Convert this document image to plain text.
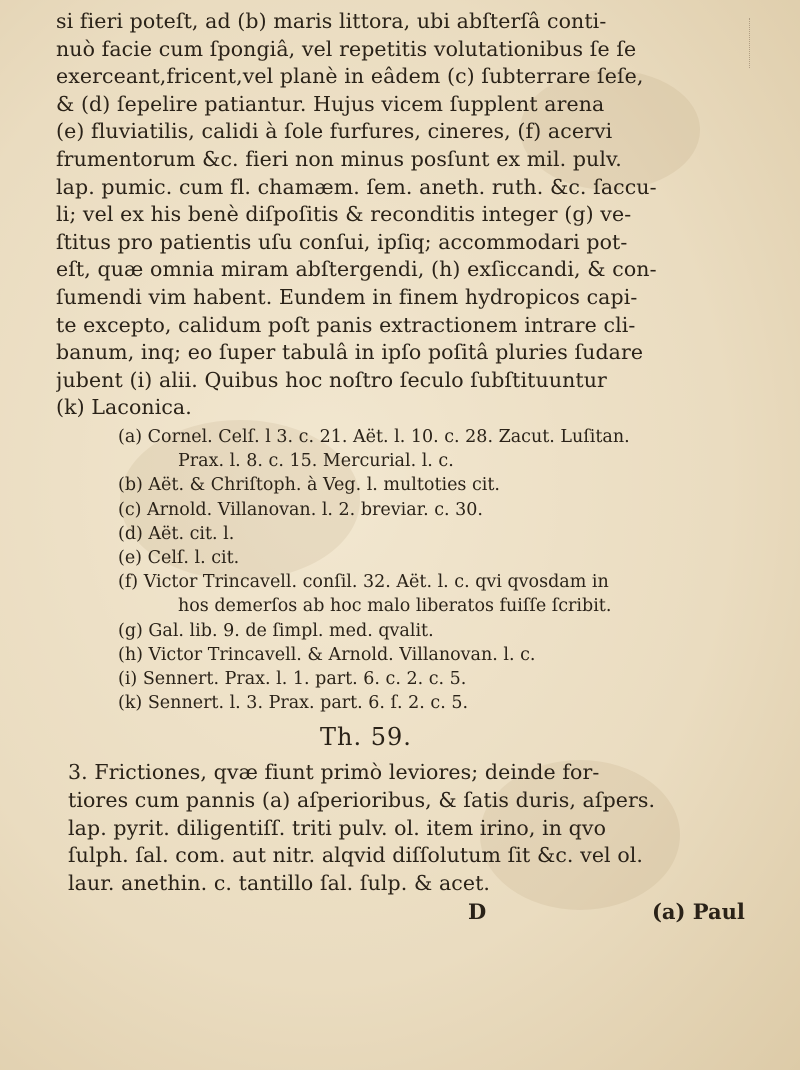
si fieri poteſt, ad (b) maris littora, ubi abſterſâ conti-
nuò facie cum ſpongiâ, vel repetitis volutationibus ſe ſe
exerceant,fricent,vel planè in eâdem (c) ſubterrare ſeſe,
& (d) ſepelire patiantur. Hujus vicem ſupplent arena
(e) fluviatilis, calidi à ſole furfures, cineres, (f) acervi
frumentorum &c. fieri non minus posſunt ex mil. pulv.
lap. pumic. cum fl. chamæm. ſem. aneth. ruth. &c. ſaccu-
li; vel ex his benè diſpoſitis & reconditis integer (g) ve-
ſtitus pro patientis uſu conſui, ipſiq; accommodari pot-
eſt, quæ omnia miram abſtergendi, (h) exſiccandi, & con-
ſumendi vim habent. Eundem in finem hydropicos capi-
te excepto, calidum poſt panis extractionem intrare cli-
banum, inq; eo ſuper tabulâ in ipſo poſitâ pluries ſudare
jubent (i) alii. Quibus hoc noſtro ſeculo ſubſtituuntur
(k) Laconica.
(a) Cornel. Celſ. l 3. c. 21. Aët. l. 10. c. 28. Zacut. Luſitan.
Prax. l. 8. c. 15. Mercurial. l. c.
(b) Aët. & Chriſtoph. à Veg. l. multoties cit.
(c) Arnold. Villanovan. l. 2. breviar. c. 30.
(d) Aët. cit. l.
(e) Celſ. l. cit.
(f) Victor Trincavell. conſil. 32. Aët. l. c. qvi qvosdam in
hos demerſos ab hoc malo liberatos fuiſſe ſcribit.
(g) Gal. lib. 9. de ſimpl. med. qvalit.
(h) Victor Trincavell. & Arnold. Villanovan. l. c.
(i) Sennert. Prax. l. 1. part. 6. c. 2. c. 5.
(k) Sennert. l. 3. Prax. part. 6. ſ. 2. c. 5.
Th. 59.
3. Frictiones, qvæ fiunt primò leviores; deinde for-
tiores cum pannis (a) aſperioribus, & ſatis duris, aſpers.
lap. pyrit. diligentiſſ. triti pulv. ol. item irino, in qvo
ſulph. ſal. com. aut nitr. alqvid diſſolutum ſit &c. vel ol.
laur. anethin. c. tantillo ſal. ſulp. & acet.
D	(a) Paul
